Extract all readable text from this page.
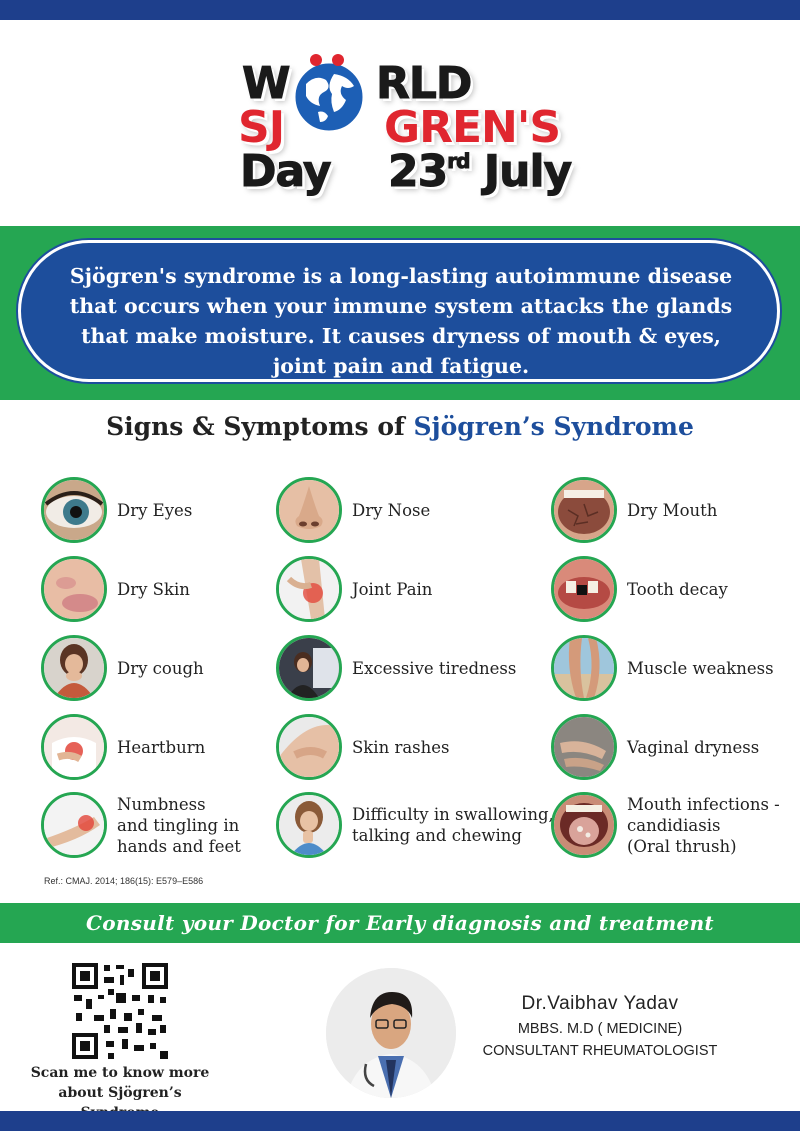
W RLD
SJ GREN'S
Day 23rd July
Sjögren's syndrome is a long-lasting autoimmune disease that occurs when your immune system attacks the glands that make moisture. It causes dryness of mouth & eyes, joint pain and fatigue.
Signs & Symptoms of Sjögren’s Syndrome
Dry Eyes	Dry Nose	Dry Mouth
Dry Skin	Joint Pain	Tooth decay
Dry cough	Excessive tiredness	Muscle weakness
Heartburn	Skin rashes	Vaginal dryness
Numbness
and tingling in
hands and feet
Difficulty in swallowing,
talking and chewing
Mouth infections -
candidiasis
(Oral thrush)
Ref.: CMAJ. 2014; 186(15): E579–E586
Consult your Doctor for Early diagnosis and treatment
Scan me to know more
about Sjögren’s
Dr.Vaibhav Yadav
MBBS. M.D ( MEDICINE)
CONSULTANT RHEUMATOLOGIST
